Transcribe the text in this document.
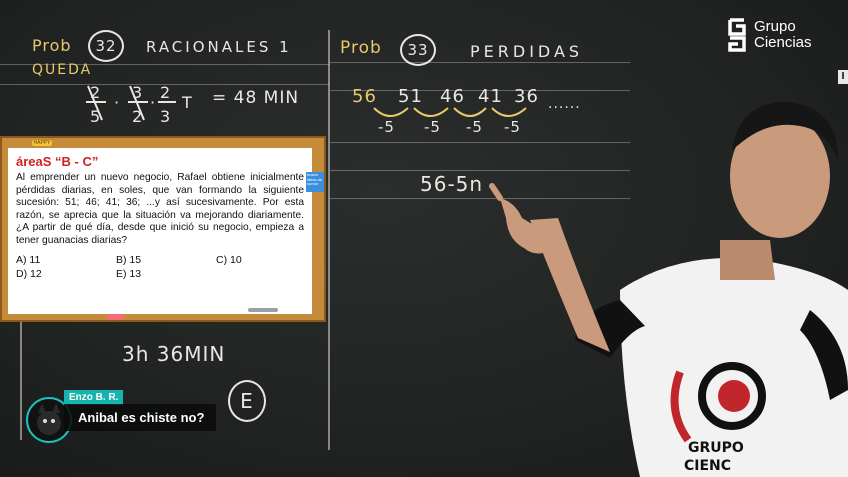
Prob	32	RACIONALES 1
QUEDA
2
5
·
3
2
·
2
3
T = 48 MIN
3h 36MIN
E
Prob	33	PERDIDAS
56 51 46 41 36 ......
-5 -5 -5 -5
56-5n
HAPPY
áreaS “B - C”
Al emprender un nuevo negocio, Rafael obtiene inicialmente pérdidas diarias, en soles, que van formando la siguiente sucesión: 51; 46; 41; 36; ...y así sucesivamente. Por esta razón, se aprecia que la situación va mejorando diariamente. ¿A partir de qué día, desde que inició su negocio, empieza a tener guanacias diarias?
A) 11	B) 15	C) 10
D) 12	E) 13
busca ideas de sumar
Grupo
Ciencias
I
GRUPO
CIENC
Enzo B. R.
Anibal es chiste no?
